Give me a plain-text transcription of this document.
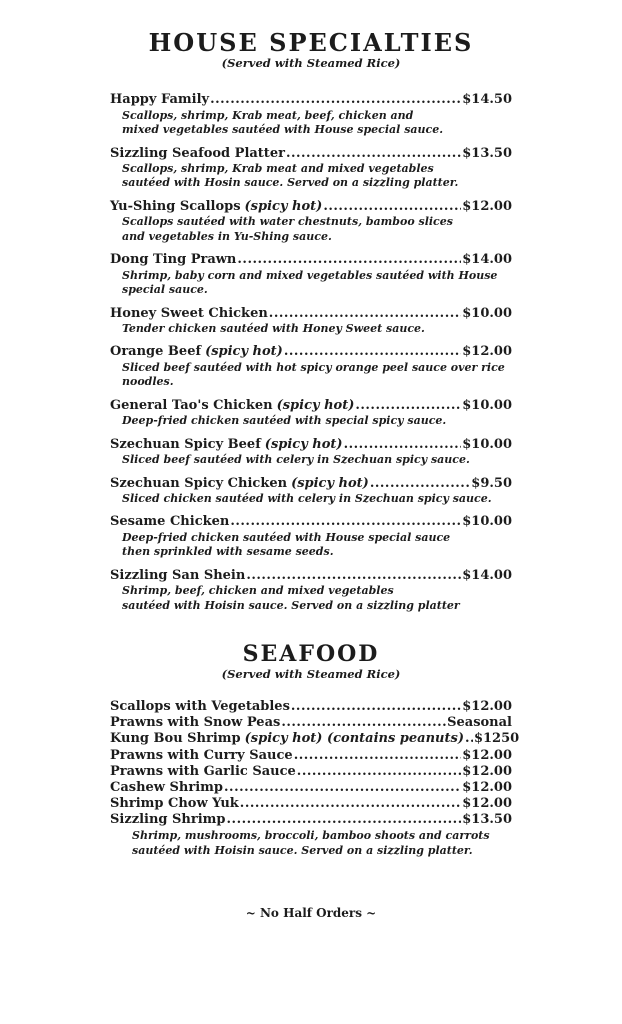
HOUSE SPECIALTIES
(Served with Steamed Rice)
Happy Family .....	$14.50
Scallops, shrimp, Krab meat, beef, chicken and
mixed vegetables sautéed with House special sauce.
Sizzling Seafood Platter .....	$13.50
Scallops, shrimp, Krab meat and mixed vegetables
sautéed with Hosin sauce. Served on a sizzling platter.
Yu-Shing Scallops (spicy hot) .....	$12.00
Scallops sautéed with water chestnuts, bamboo slices
and vegetables in Yu-Shing sauce.
Dong Ting Prawn .....	$14.00
Shrimp, baby corn and mixed vegetables sautéed with House special sauce.
Honey Sweet Chicken .....	$10.00
Tender chicken sautéed with Honey Sweet sauce.
Orange Beef (spicy hot) .....	$12.00
Sliced beef sautéed with hot spicy orange peel sauce over rice noodles.
General Tao's Chicken (spicy hot) .....	$10.00
Deep-fried chicken sautéed with special spicy sauce.
Szechuan Spicy Beef (spicy hot) .....	$10.00
Sliced beef sautéed with celery in Szechuan spicy sauce.
Szechuan Spicy Chicken (spicy hot) .....	$9.50
Sliced chicken sautéed with celery in Szechuan spicy sauce.
Sesame Chicken .....	$10.00
Deep-fried chicken sautéed with House special sauce
then sprinkled with sesame seeds.
Sizzling San Shein .....	$14.00
Shrimp, beef, chicken and mixed vegetables
sautéed with Hoisin sauce. Served on a sizzling platter
SEAFOOD
(Served with Steamed Rice)
Scallops with Vegetables .....	$12.00
Prawns with Snow Peas .....	Seasonal
Kung Bou Shrimp (spicy hot) (contains peanuts) ..... $1250
Prawns with Curry Sauce .....	$12.00
Prawns with Garlic Sauce .....	$12.00
Cashew Shrimp .....	$12.00
Shrimp Chow Yuk .....	$12.00
Sizzling Shrimp .....	$13.50
Shrimp, mushrooms, broccoli, bamboo shoots and carrots
sautéed with Hoisin sauce. Served on a sizzling platter.
~ No Half Orders ~
